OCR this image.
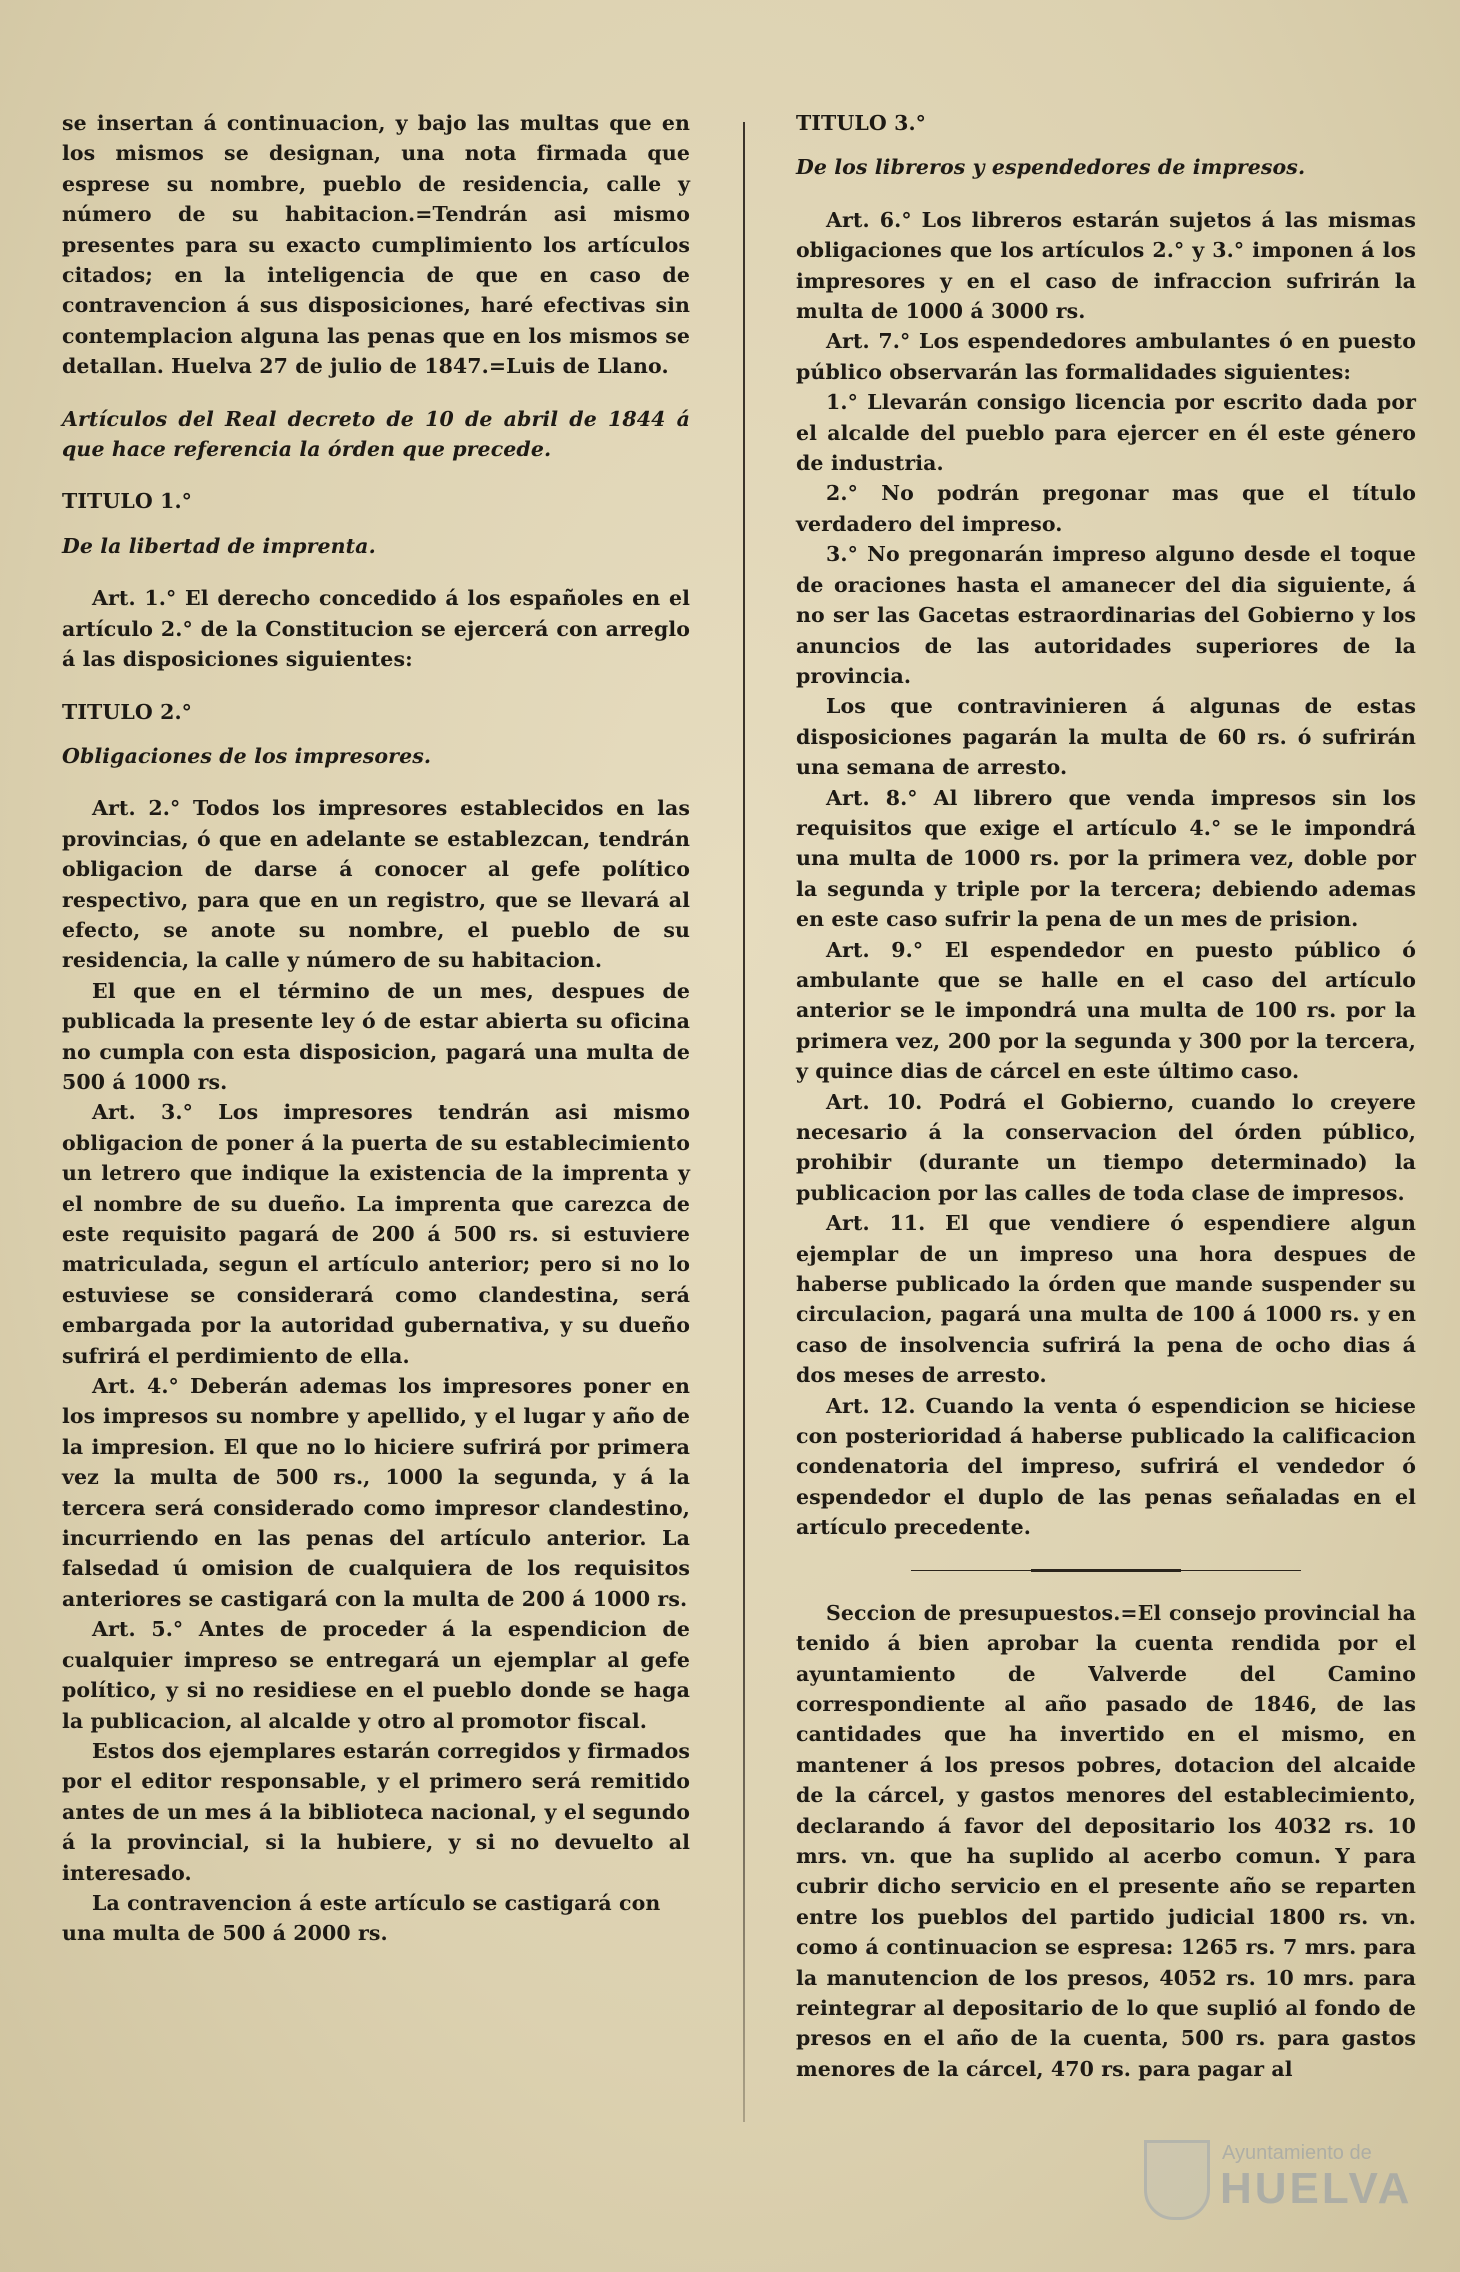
se insertan á continuacion, y bajo las multas que en los mismos se designan, una nota firmada que esprese su nombre, pueblo de residencia, calle y número de su habitacion.=Tendrán asi mismo presentes para su exacto cumplimiento los artículos citados; en la inteligencia de que en caso de contravencion á sus disposiciones, haré efectivas sin contemplacion alguna las penas que en los mismos se detallan. Huelva 27 de julio de 1847.=Luis de Llano.

Artículos del Real decreto de 10 de abril de 1844 á que hace referencia la órden que precede.

TITULO 1.°

De la libertad de imprenta.

Art. 1.° El derecho concedido á los españoles en el artículo 2.° de la Constitucion se ejercerá con arreglo á las disposiciones siguientes:

TITULO 2.°

Obligaciones de los impresores.

Art. 2.° Todos los impresores establecidos en las provincias, ó que en adelante se establezcan, tendrán obligacion de darse á conocer al gefe político respectivo, para que en un registro, que se llevará al efecto, se anote su nombre, el pueblo de su residencia, la calle y número de su habitacion.

El que en el término de un mes, despues de publicada la presente ley ó de estar abierta su oficina no cumpla con esta disposicion, pagará una multa de 500 á 1000 rs.

Art. 3.° Los impresores tendrán asi mismo obligacion de poner á la puerta de su establecimiento un letrero que indique la existencia de la imprenta y el nombre de su dueño. La imprenta que carezca de este requisito pagará de 200 á 500 rs. si estuviere matriculada, segun el artículo anterior; pero si no lo estuviese se considerará como clandestina, será embargada por la autoridad gubernativa, y su dueño sufrirá el perdimiento de ella.

Art. 4.° Deberán ademas los impresores poner en los impresos su nombre y apellido, y el lugar y año de la impresion. El que no lo hiciere sufrirá por primera vez la multa de 500 rs., 1000 la segunda, y á la tercera será considerado como impresor clandestino, incurriendo en las penas del artículo anterior. La falsedad ú omision de cualquiera de los requisitos anteriores se castigará con la multa de 200 á 1000 rs.

Art. 5.° Antes de proceder á la espendicion de cualquier impreso se entregará un ejemplar al gefe político, y si no residiese en el pueblo donde se haga la publicacion, al alcalde y otro al promotor fiscal.

Estos dos ejemplares estarán corregidos y firmados por el editor responsable, y el primero será remitido antes de un mes á la biblioteca nacional, y el segundo á la provincial, si la hubiere, y si no devuelto al interesado.

La contravencion á este artículo se castigará con una multa de 500 á 2000 rs.

TITULO 3.°

De los libreros y espendedores de impresos.

Art. 6.° Los libreros estarán sujetos á las mismas obligaciones que los artículos 2.° y 3.° imponen á los impresores y en el caso de infraccion sufrirán la multa de 1000 á 3000 rs.

Art. 7.° Los espendedores ambulantes ó en puesto público observarán las formalidades siguientes:

1.° Llevarán consigo licencia por escrito dada por el alcalde del pueblo para ejercer en él este género de industria.

2.° No podrán pregonar mas que el título verdadero del impreso.

3.° No pregonarán impreso alguno desde el toque de oraciones hasta el amanecer del dia siguiente, á no ser las Gacetas estraordinarias del Gobierno y los anuncios de las autoridades superiores de la provincia.

Los que contravinieren á algunas de estas disposiciones pagarán la multa de 60 rs. ó sufrirán una semana de arresto.

Art. 8.° Al librero que venda impresos sin los requisitos que exige el artículo 4.° se le impondrá una multa de 1000 rs. por la primera vez, doble por la segunda y triple por la tercera; debiendo ademas en este caso sufrir la pena de un mes de prision.

Art. 9.° El espendedor en puesto público ó ambulante que se halle en el caso del artículo anterior se le impondrá una multa de 100 rs. por la primera vez, 200 por la segunda y 300 por la tercera, y quince dias de cárcel en este último caso.

Art. 10. Podrá el Gobierno, cuando lo creyere necesario á la conservacion del órden público, prohibir (durante un tiempo determinado) la publicacion por las calles de toda clase de impresos.

Art. 11. El que vendiere ó espendiere algun ejemplar de un impreso una hora despues de haberse publicado la órden que mande suspender su circulacion, pagará una multa de 100 á 1000 rs. y en caso de insolvencia sufrirá la pena de ocho dias á dos meses de arresto.

Art. 12. Cuando la venta ó espendicion se hiciese con posterioridad á haberse publicado la calificacion condenatoria del impreso, sufrirá el vendedor ó espendedor el duplo de las penas señaladas en el artículo precedente.

Seccion de presupuestos.=El consejo provincial ha tenido á bien aprobar la cuenta rendida por el ayuntamiento de Valverde del Camino correspondiente al año pasado de 1846, de las cantidades que ha invertido en el mismo, en mantener á los presos pobres, dotacion del alcaide de la cárcel, y gastos menores del establecimiento, declarando á favor del depositario los 4032 rs. 10 mrs. vn. que ha suplido al acerbo comun. Y para cubrir dicho servicio en el presente año se reparten entre los pueblos del partido judicial 1800 rs. vn. como á continuacion se espresa: 1265 rs. 7 mrs. para la manutencion de los presos, 4052 rs. 10 mrs. para reintegrar al depositario de lo que suplió al fondo de presos en el año de la cuenta, 500 rs. para gastos menores de la cárcel, 470 rs. para pagar al

Ayuntamiento de
HUELVA
